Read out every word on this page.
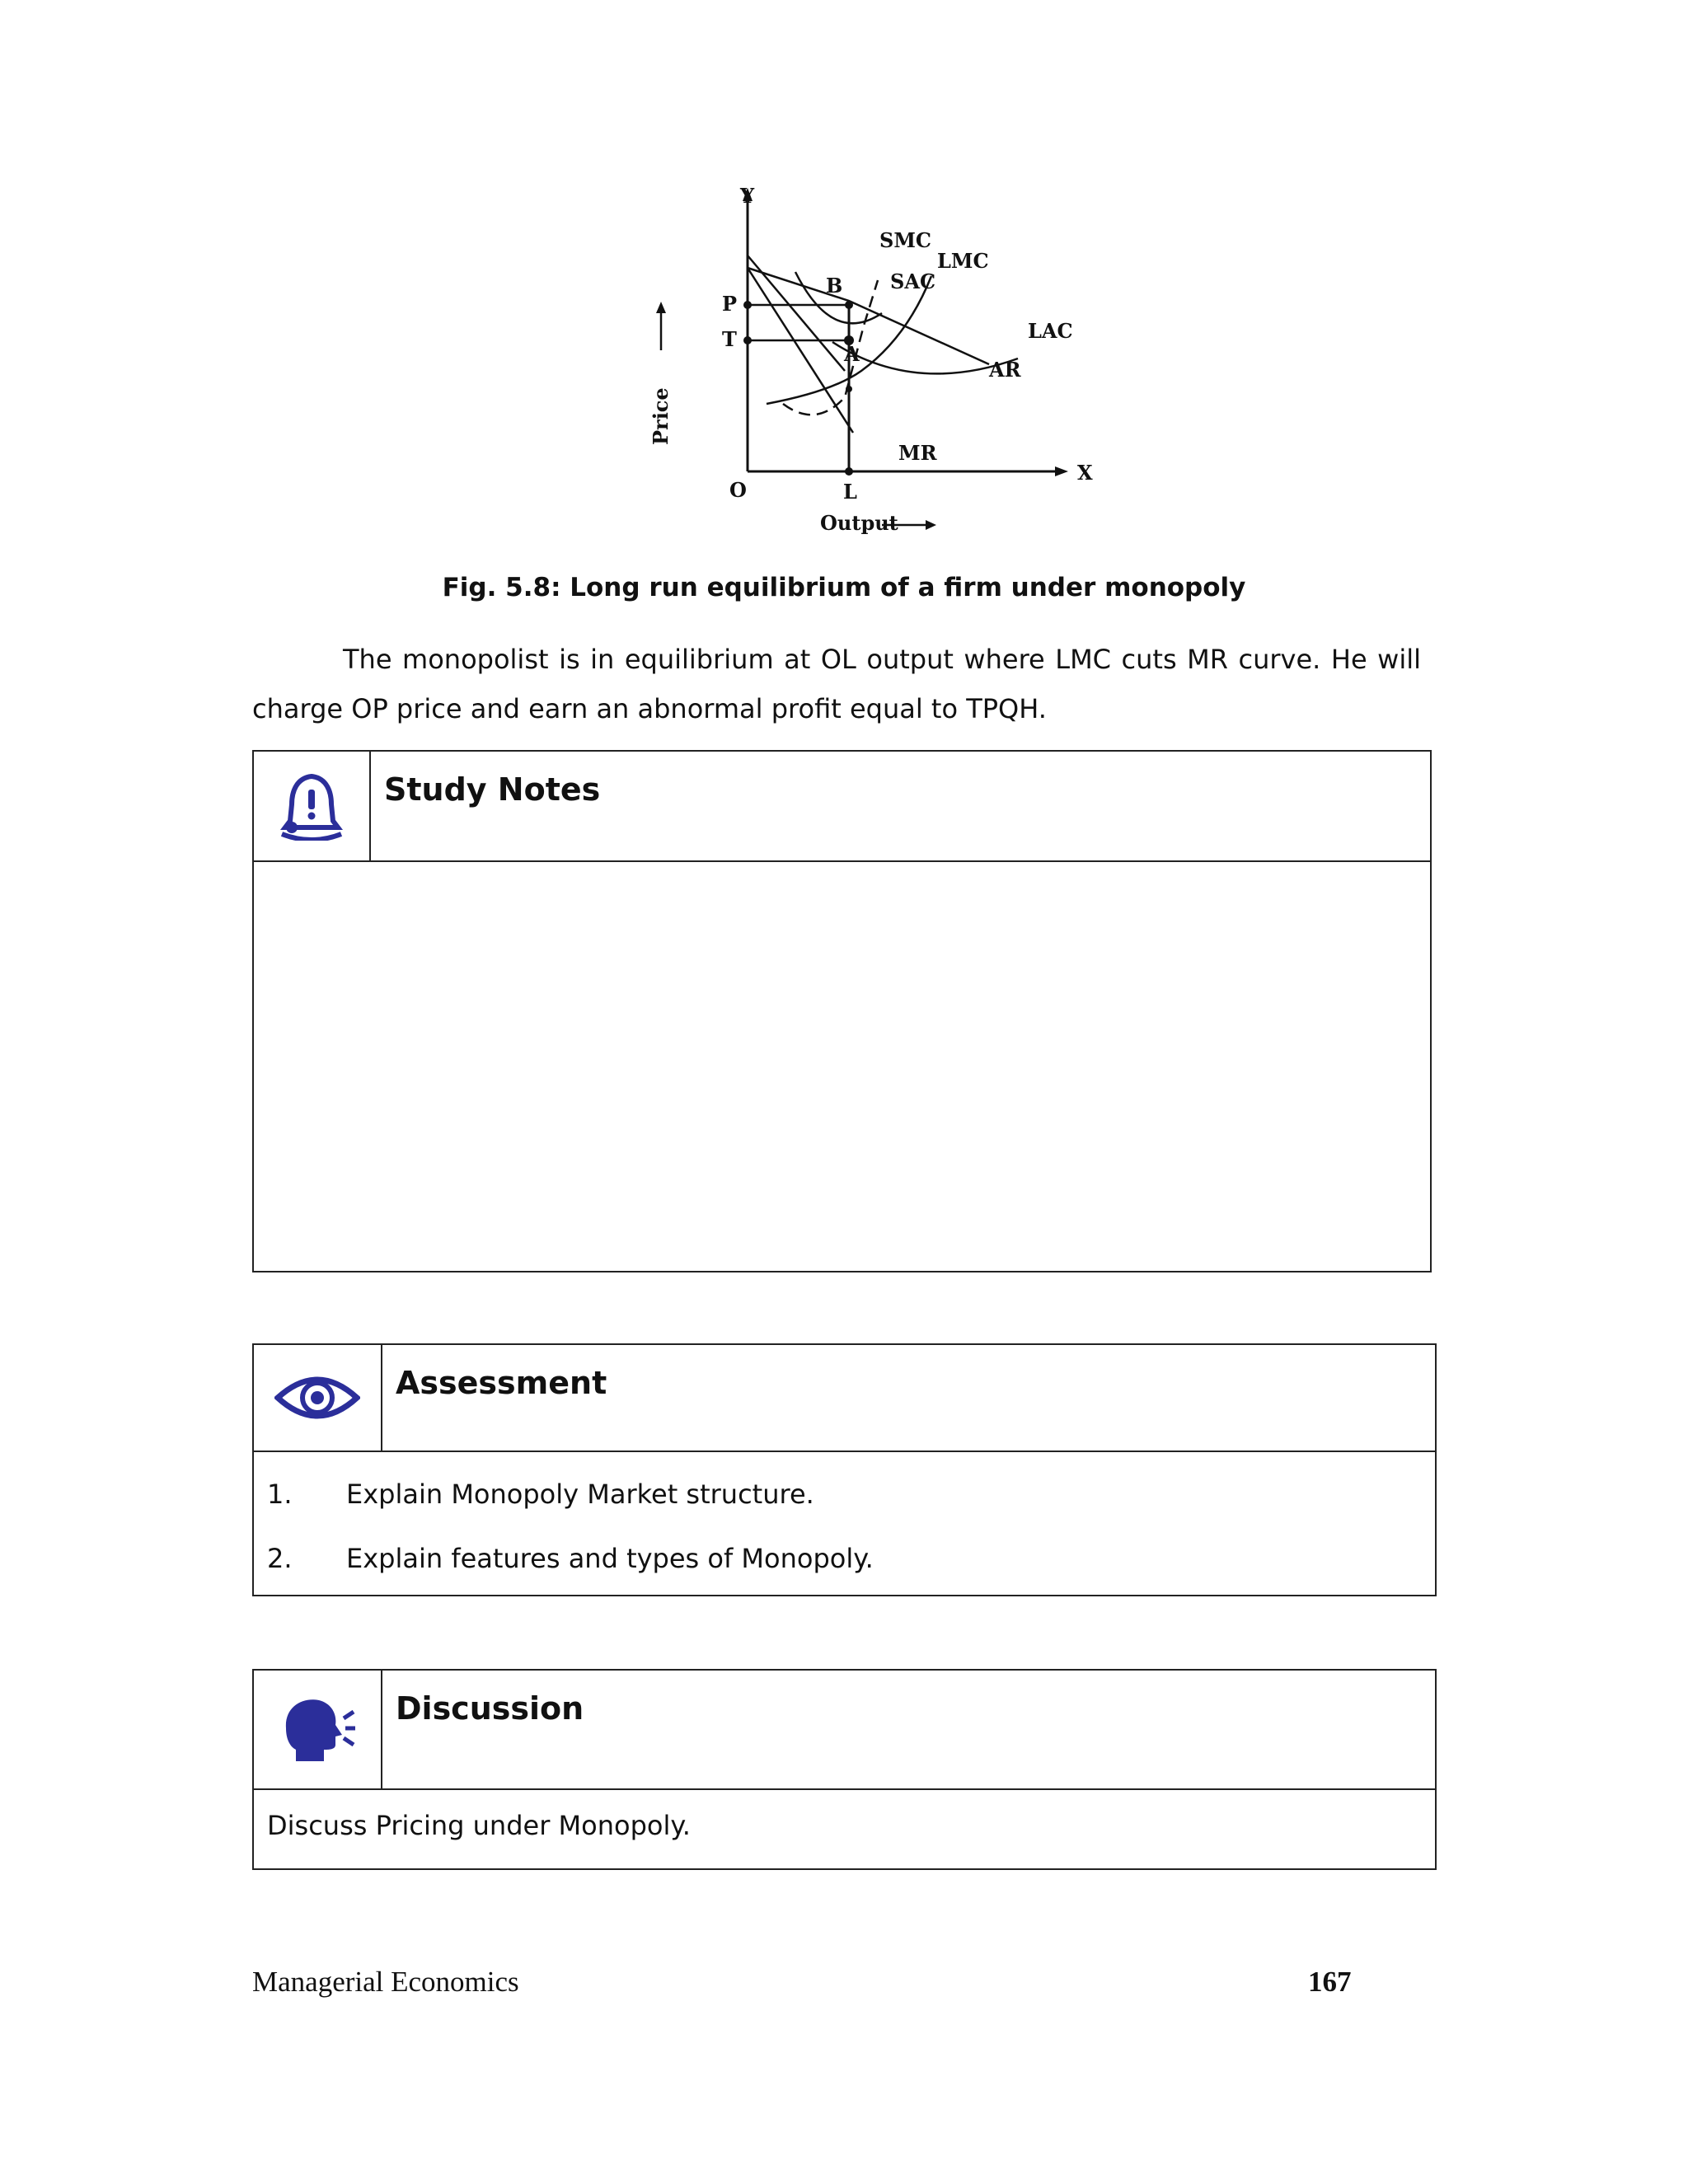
Y
X
O	L
P
T
B
A
SMC
SAC
LMC
LAC
AR
MR
Output
Price
Fig. 5.8: Long run equilibrium of a firm under monopoly

The monopolist is in equilibrium at OL output where LMC cuts MR curve. He will charge OP price and earn an abnormal profit equal to TPQH.

Study Notes
Assessment
1.	Explain Monopoly Market structure.
2.	Explain features and types of Monopoly.
Discussion
Discuss Pricing under Monopoly.
Managerial Economics	167
